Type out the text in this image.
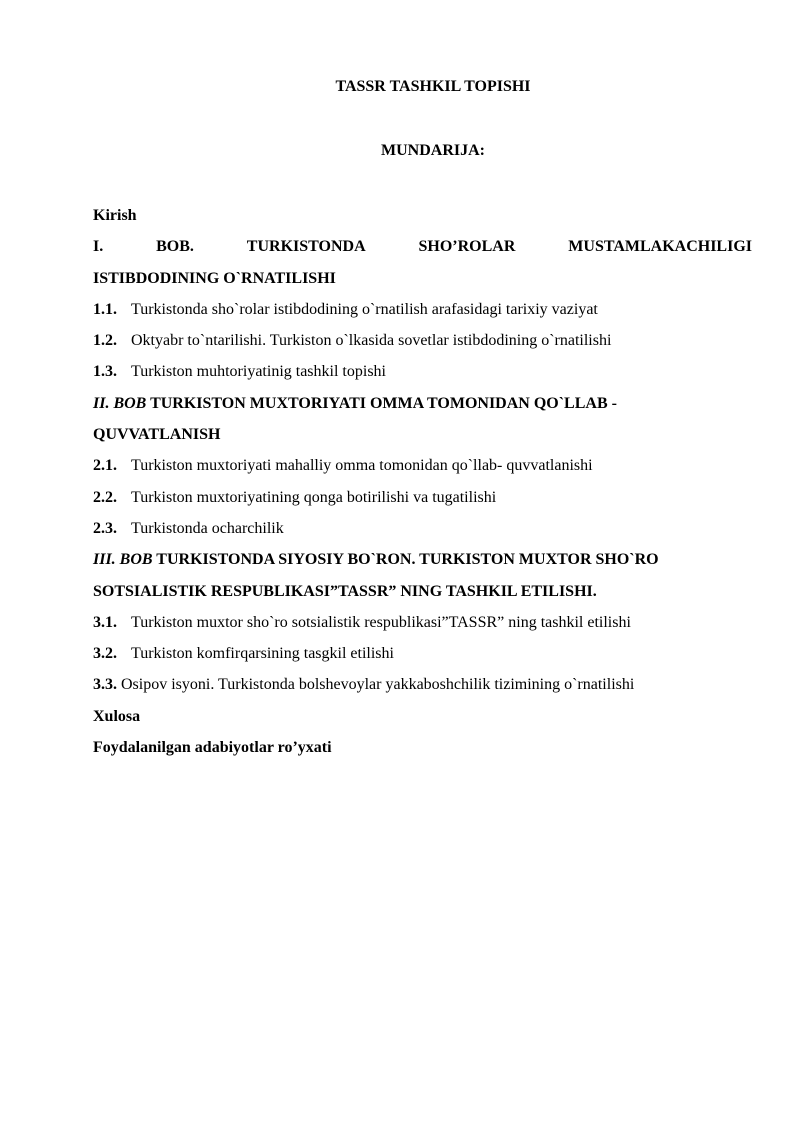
TASSR TASHKIL TOPISHI
MUNDARIJA:
Kirish
I.	BOB.	TURKISTONDA	SHO’ROLAR	MUSTAMLAKACHILIGI
ISTIBDODINING O`RNATILISHI
1.1. Turkistonda sho`rolar istibdodining o`rnatilish arafasidagi tarixiy vaziyat
1.2. Oktyabr to`ntarilishi. Turkiston o`lkasida sovetlar istibdodining o`rnatilishi
1.3. Turkiston muhtoriyatinig tashkil topishi
II. BOB TURKISTON MUXTORIYATI OMMA TOMONIDAN QO`LLAB -
QUVVATLANISH
2.1. Turkiston muxtoriyati mahalliy omma tomonidan qo`llab- quvvatlanishi
2.2. Turkiston muxtoriyatining qonga botirilishi va tugatilishi
2.3. Turkistonda ocharchilik
III. BOB TURKISTONDA SIYOSIY BO`RON. TURKISTON MUXTOR SHO`RO
SOTSIALISTIK RESPUBLIKASI”TASSR” NING TASHKIL ETILISHI.
3.1. Turkiston muxtor sho`ro sotsialistik respublikasi”TASSR” ning tashkil etilishi
3.2. Turkiston komfirqarsining tasgkil etilishi
3.3. Osipov isyoni. Turkistonda bolshevoylar yakkaboshchilik tizimining o`rnatilishi
Xulosa
Foydalanilgan adabiyotlar ro’yxati
